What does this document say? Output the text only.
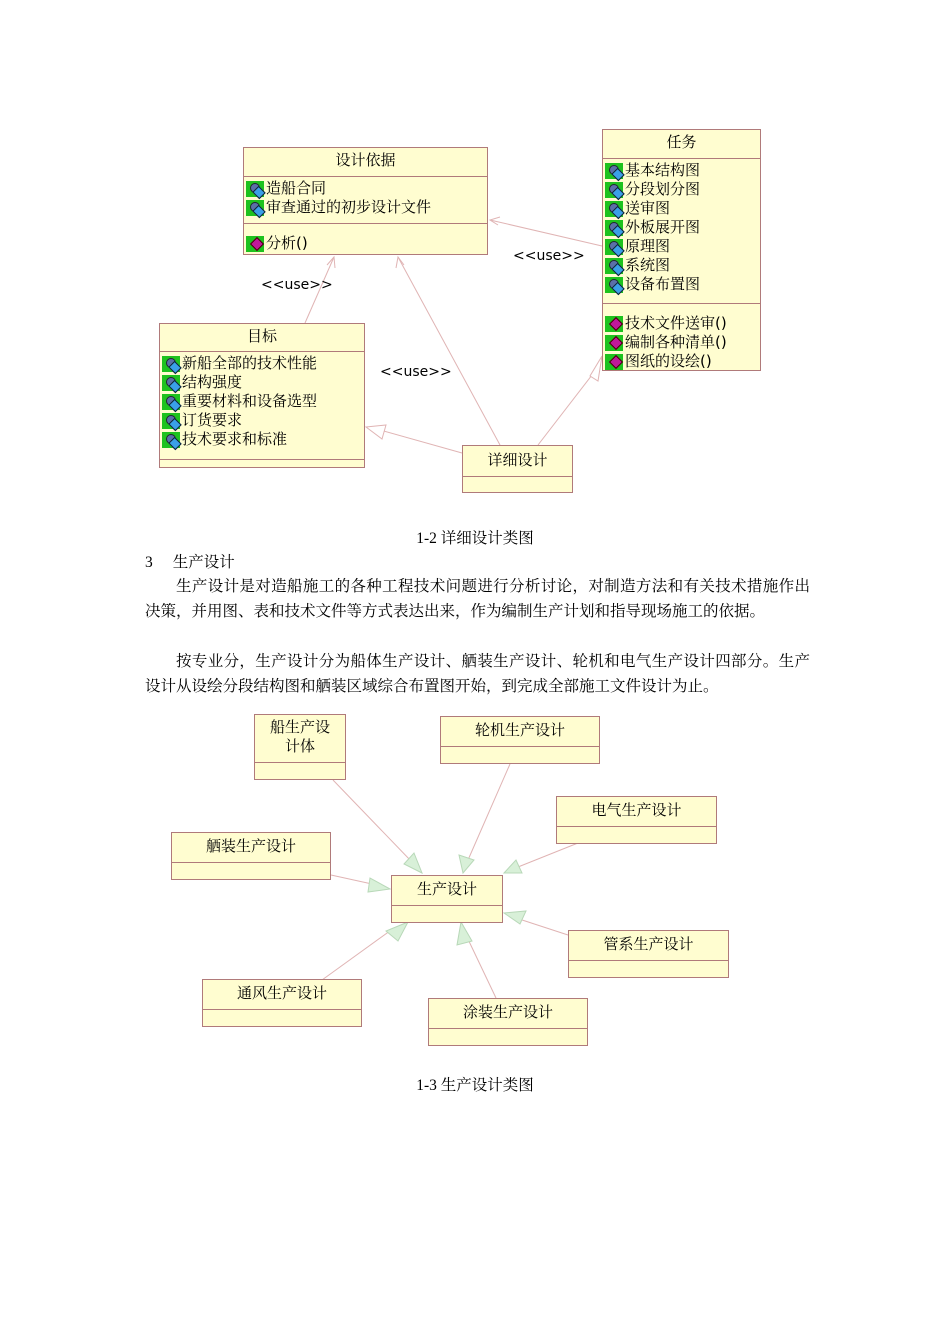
设计依据
造船合同
审查通过的初步设计文件
分析()
任务
基本结构图
分段划分图
送审图
外板展开图
原理图
系统图
设备布置图
技术文件送审()
编制各种清单()
图纸的设绘()
目标
新船全部的技术性能
结构强度
重要材料和设备选型
订货要求
技术要求和标准
详细设计
<<use>>
<<use>>
<<use>>
1-2 详细设计类图
3 生产设计
生产设计是对造船施工的各种工程技术问题进行分析讨论，对制造方法和有关技术措施作出决策，并用图、表和技术文件等方式表达出来，作为编制生产计划和指导现场施工的依据。
按专业分，生产设计分为船体生产设计、舾装生产设计、轮机和电气生产设计四部分。生产设计从设绘分段结构图和舾装区域综合布置图开始，到完成全部施工文件设计为止。
船生产设
计体
轮机生产设计
电气生产设计
舾装生产设计
生产设计
管系生产设计
通风生产设计
涂装生产设计
1-3 生产设计类图
